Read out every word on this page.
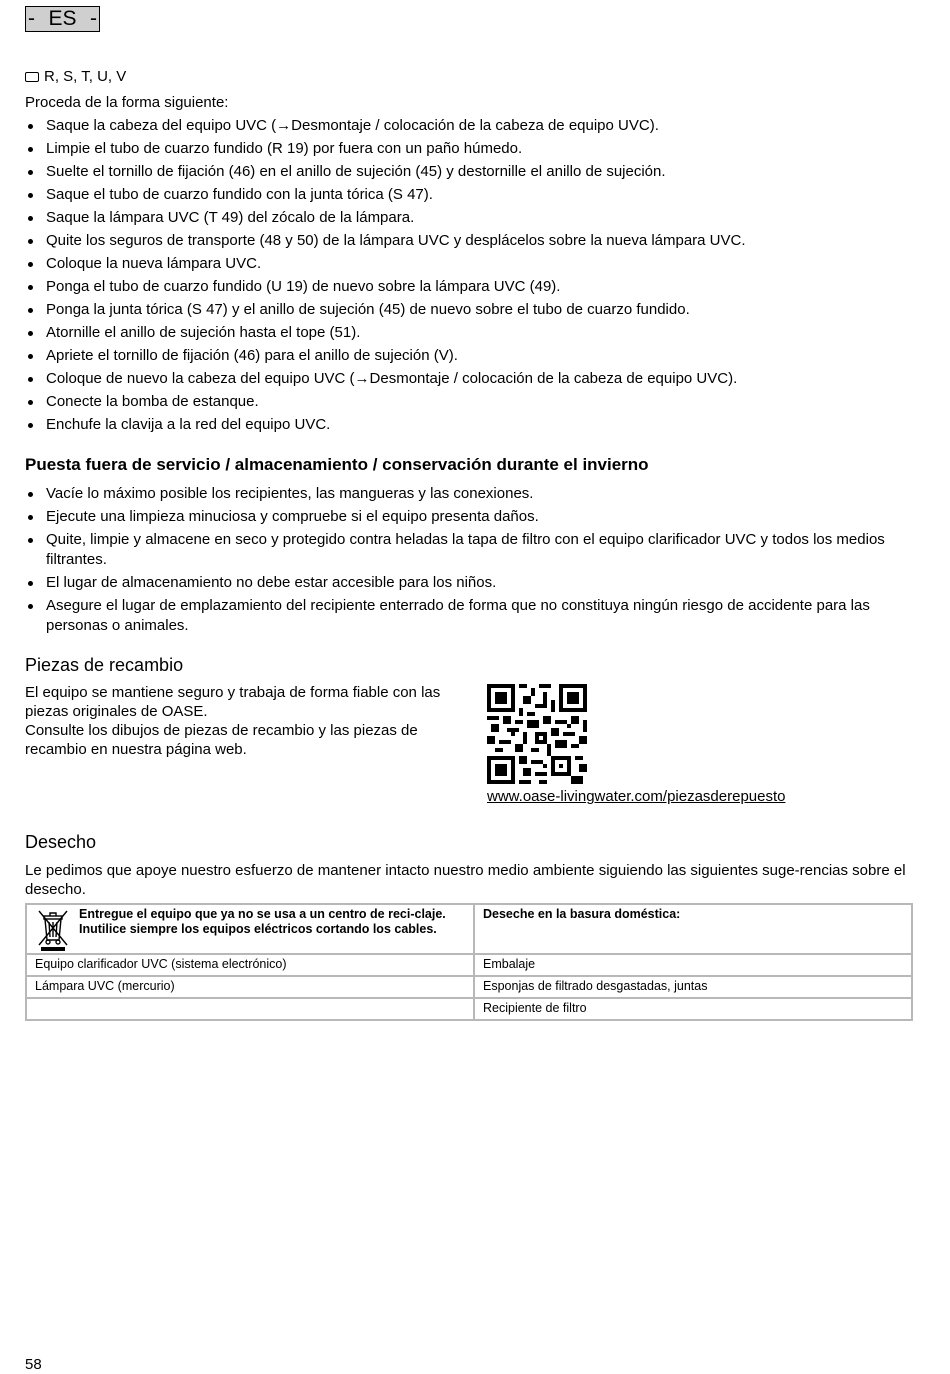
- ES -
R, S, T, U, V
Proceda de la forma siguiente:
Saque la cabeza del equipo UVC (→Desmontaje / colocación de la cabeza de equipo UVC).
Limpie el tubo de cuarzo fundido (R 19) por fuera con un paño húmedo.
Suelte el tornillo de fijación (46) en el anillo de sujeción (45) y destornille el anillo de sujeción.
Saque el tubo de cuarzo fundido con la junta tórica (S 47).
Saque la lámpara UVC (T 49) del zócalo de la lámpara.
Quite los seguros de transporte (48 y 50) de la lámpara UVC y desplácelos sobre la nueva lámpara UVC.
Coloque la nueva lámpara UVC.
Ponga el tubo de cuarzo fundido (U 19) de nuevo sobre la lámpara UVC (49).
Ponga la junta tórica (S 47) y el anillo de sujeción (45) de nuevo sobre el tubo de cuarzo fundido.
Atornille el anillo de sujeción hasta el tope (51).
Apriete el tornillo de fijación (46) para el anillo de sujeción (V).
Coloque de nuevo la cabeza del equipo UVC (→Desmontaje / colocación de la cabeza de equipo UVC).
Conecte la bomba de estanque.
Enchufe la clavija a la red del equipo UVC.
Puesta fuera de servicio / almacenamiento / conservación durante el invierno
Vacíe lo máximo posible los recipientes, las mangueras y las conexiones.
Ejecute una limpieza minuciosa y compruebe si el equipo presenta daños.
Quite, limpie y almacene en seco y protegido contra heladas la tapa de filtro con el equipo clarificador UVC y todos los medios filtrantes.
El lugar de almacenamiento no debe estar accesible para los niños.
Asegure el lugar de emplazamiento del recipiente enterrado de forma que no constituya ningún riesgo de accidente para las personas o animales.
Piezas de recambio
El equipo se mantiene seguro y trabaja de forma fiable con las piezas originales de OASE.
Consulte los dibujos de piezas de recambio y las piezas de recambio en nuestra página web.
www.oase-livingwater.com/piezasderepuesto
Desecho
Le pedimos que apoye nuestro esfuerzo de mantener intacto nuestro medio ambiente siguiendo las siguientes suge-rencias sobre el desecho.
Entregue el equipo que ya no se usa a un centro de reci-claje. Inutilice siempre los equipos eléctricos cortando los cables.	Deseche en la basura doméstica:
Equipo clarificador UVC (sistema electrónico)	Embalaje
Lámpara UVC (mercurio)	Esponjas de filtrado desgastadas, juntas
	Recipiente de filtro
58
